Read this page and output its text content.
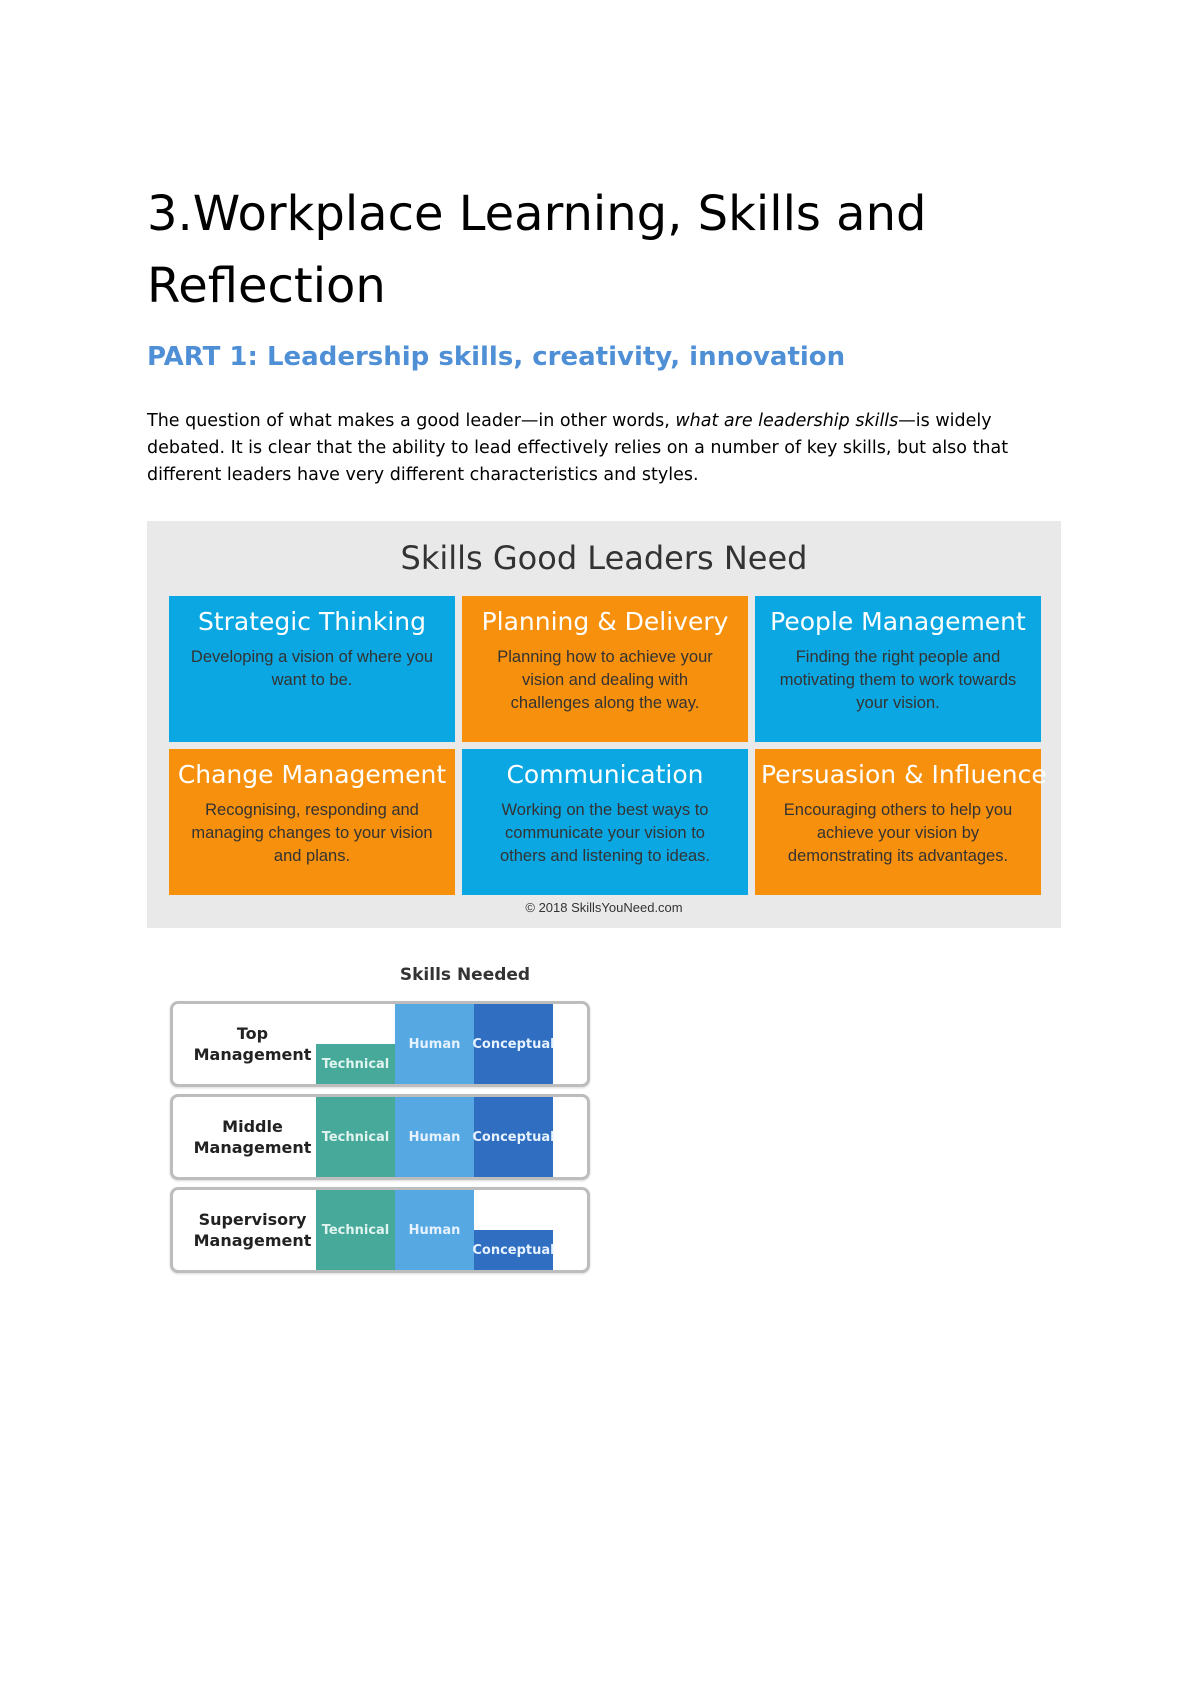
3.Workplace Learning, Skills and Reflection
PART 1: Leadership skills, creativity, innovation

The question of what makes a good leader—in other words, what are leadership skills—is widely debated. It is clear that the ability to lead effectively relies on a number of key skills, but also that different leaders have very different characteristics and styles.

Skills Good Leaders Need
Strategic Thinking
Developing a vision of where you want to be.
Planning & Delivery
Planning how to achieve your vision and dealing with challenges along the way.
People Management
Finding the right people and motivating them to work towards your vision.
Change Management
Recognising, responding and managing changes to your vision and plans.
Communication
Working on the best ways to communicate your vision to others and listening to ideas.
Persuasion & Influence
Encouraging others to help you achieve your vision by demonstrating its advantages.
© 2018 SkillsYouNeed.com
Skills Needed
Top Management Technical
Human Conceptual
Middle Management
Technical	Human Conceptual
Supervisory Management
Technical	Human
Conceptual
